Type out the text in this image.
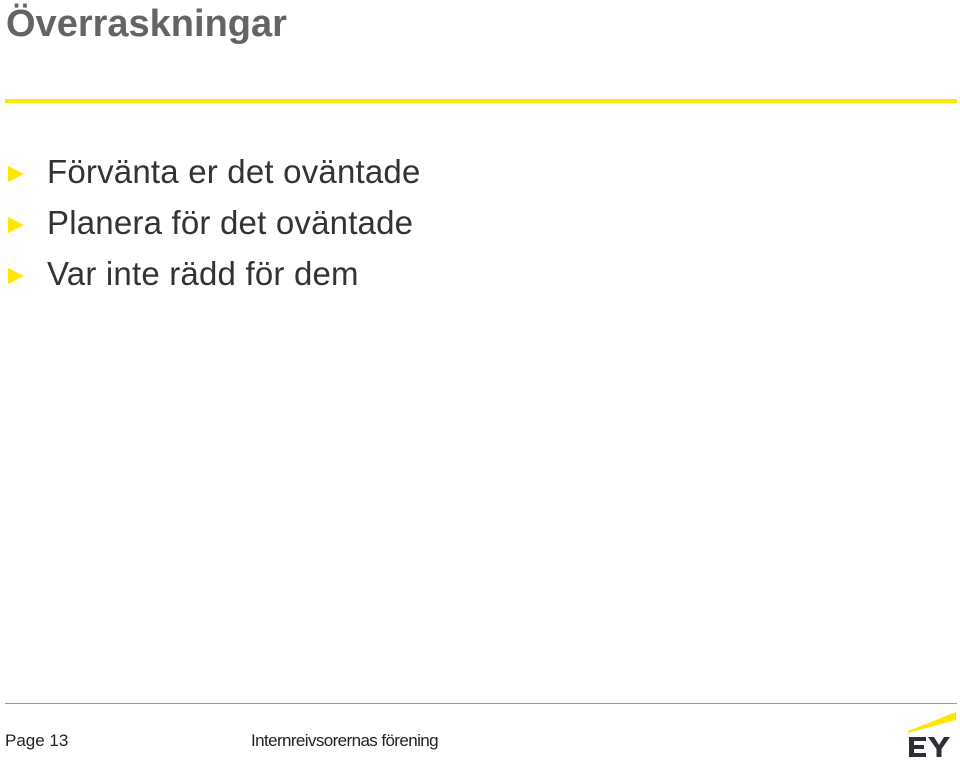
Överraskningar
Förvänta er det oväntade
Planera för det oväntade
Var inte rädd för dem
Page 13	Internreivsorernas förening
